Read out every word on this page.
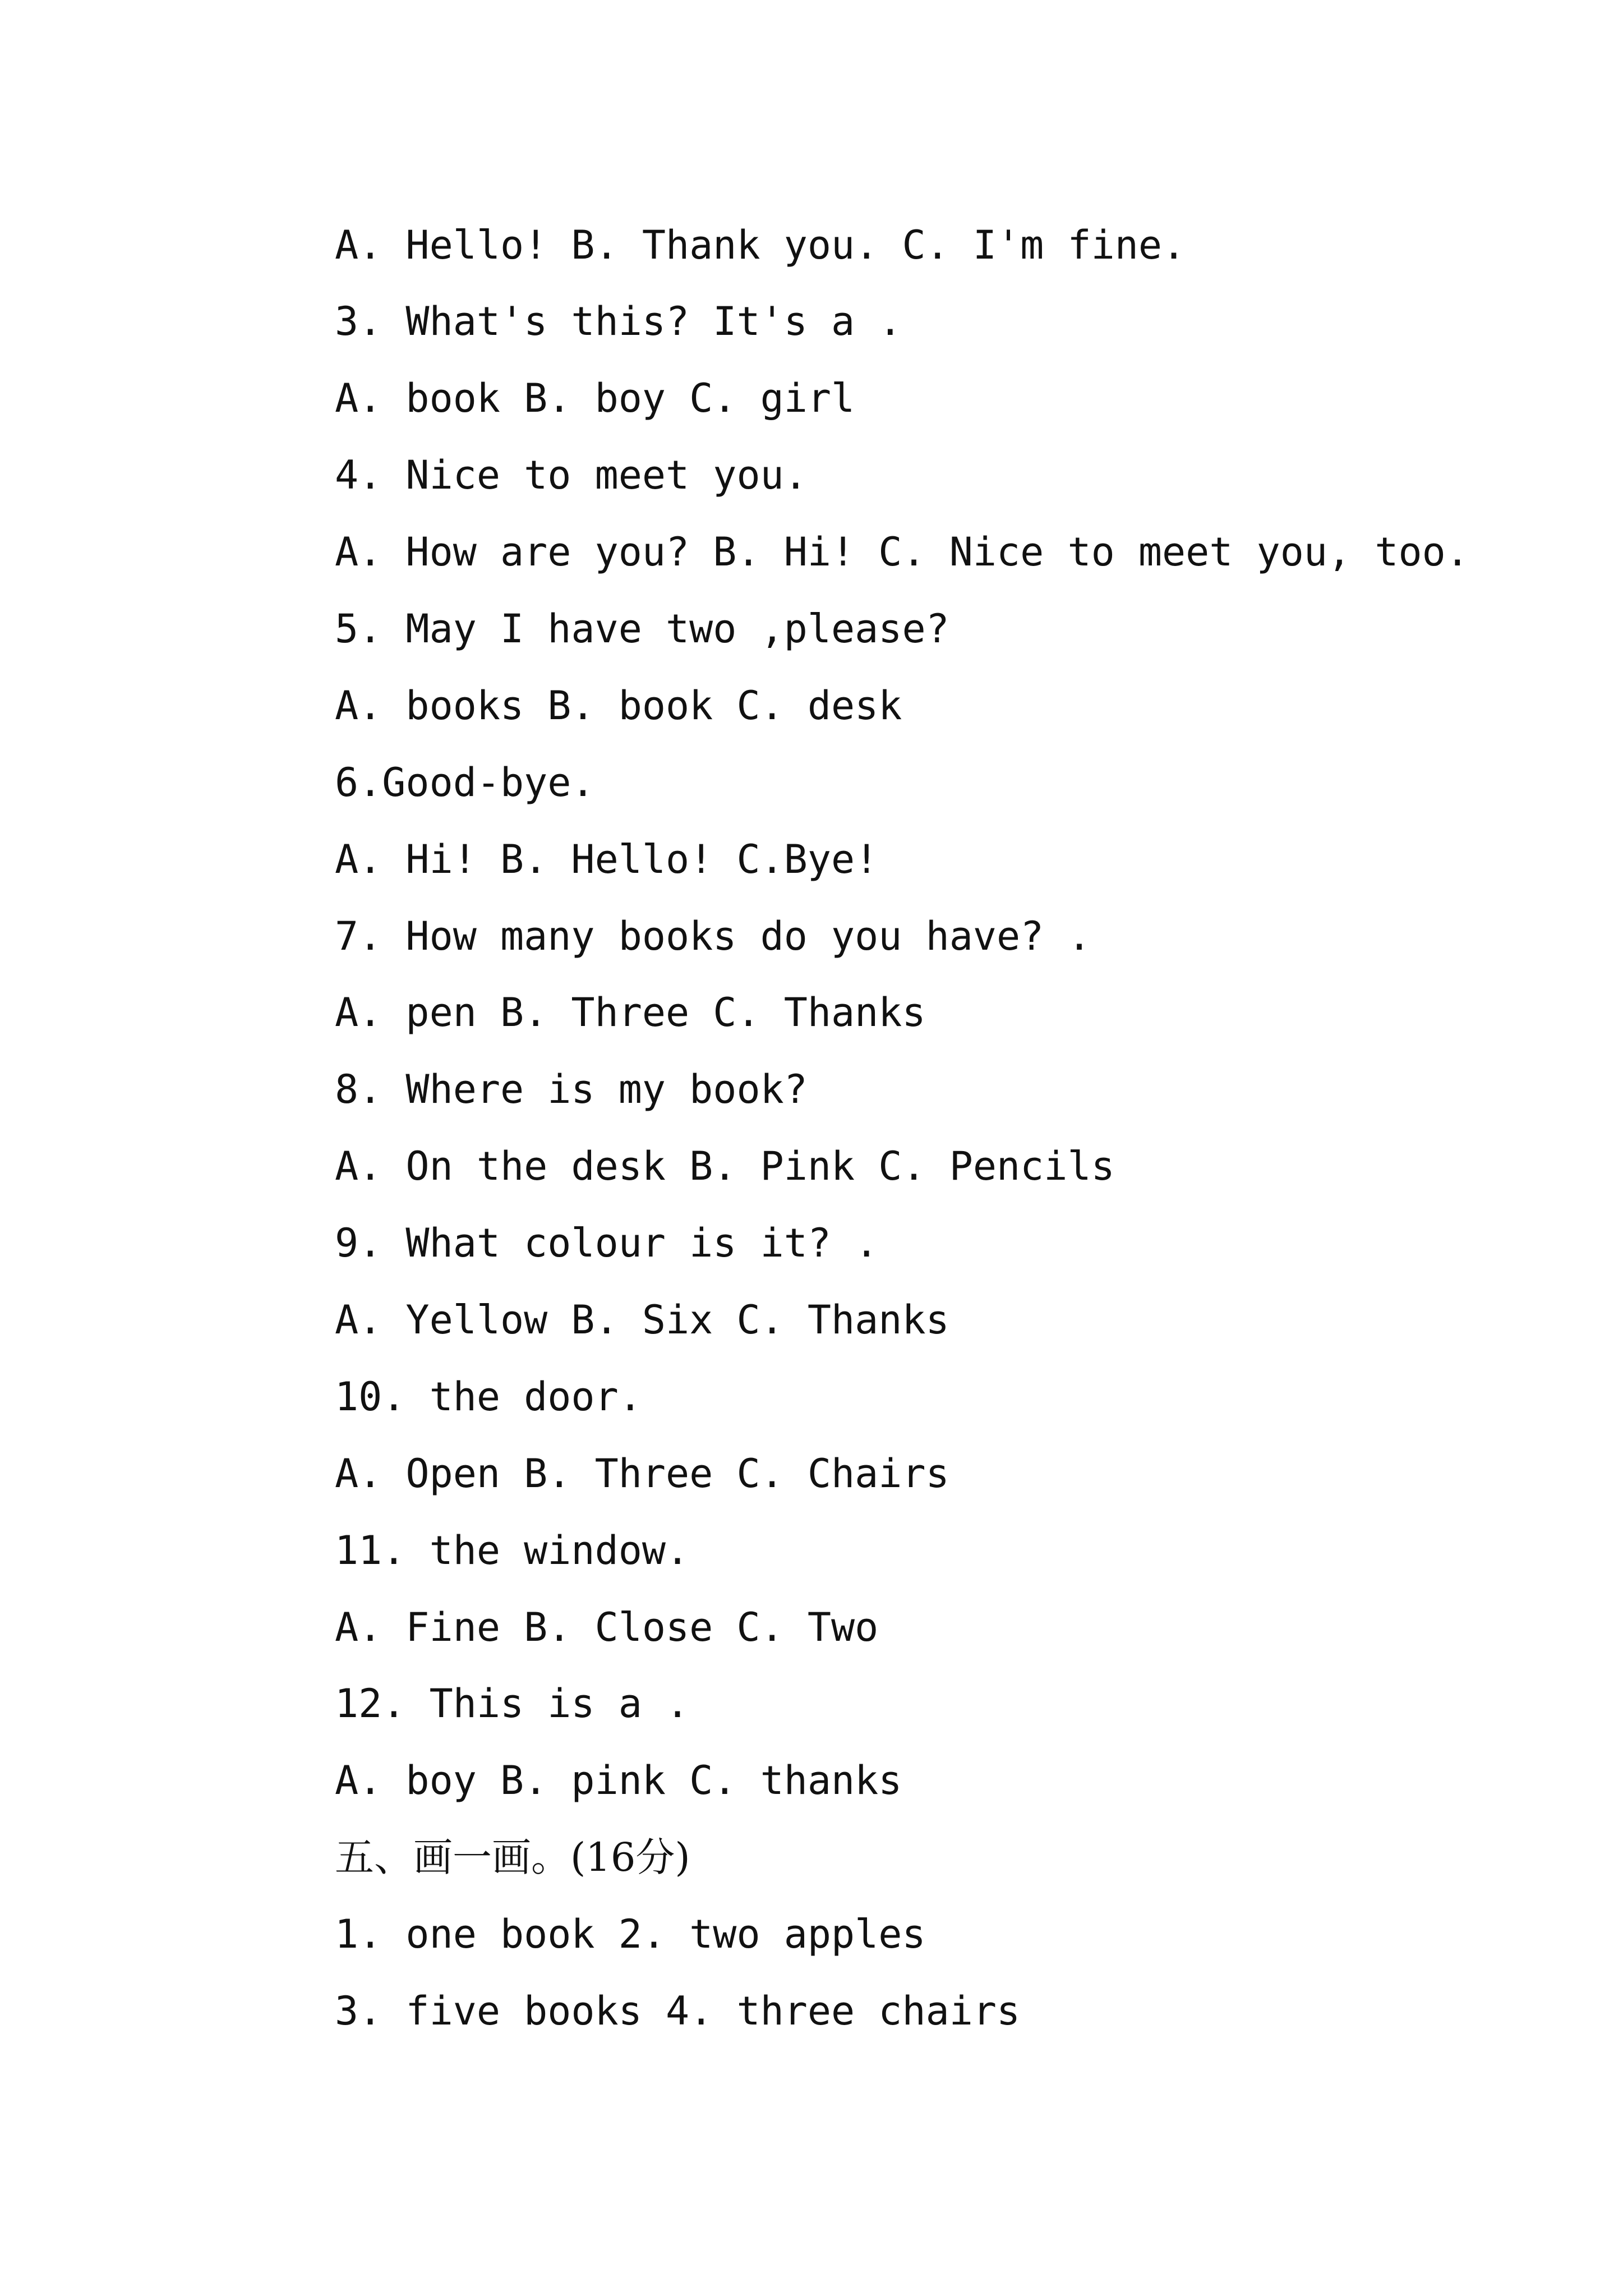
A. Hello! B. Thank you. C. I'm fine.

3. What's this? It's a .

A. book B. boy C. girl

4. Nice to meet you.

A. How are you? B. Hi! C. Nice to meet you, too.

5. May I have two ,please?

A. books B. book C. desk

6.Good-bye.

A. Hi! B. Hello! C.Bye!

7. How many books do you have? .

A. pen B. Three C. Thanks

8. Where is my book?

A. On the desk B. Pink C. Pencils

9. What colour is it? .

A. Yellow B. Six C. Thanks

10. the door.

A. Open B. Three C. Chairs

11. the window.

A. Fine B. Close C. Two

12. This is a .

A. boy B. pink C. thanks

五、画一画。(16分)

1. one book 2. two apples

3. five books 4. three chairs
